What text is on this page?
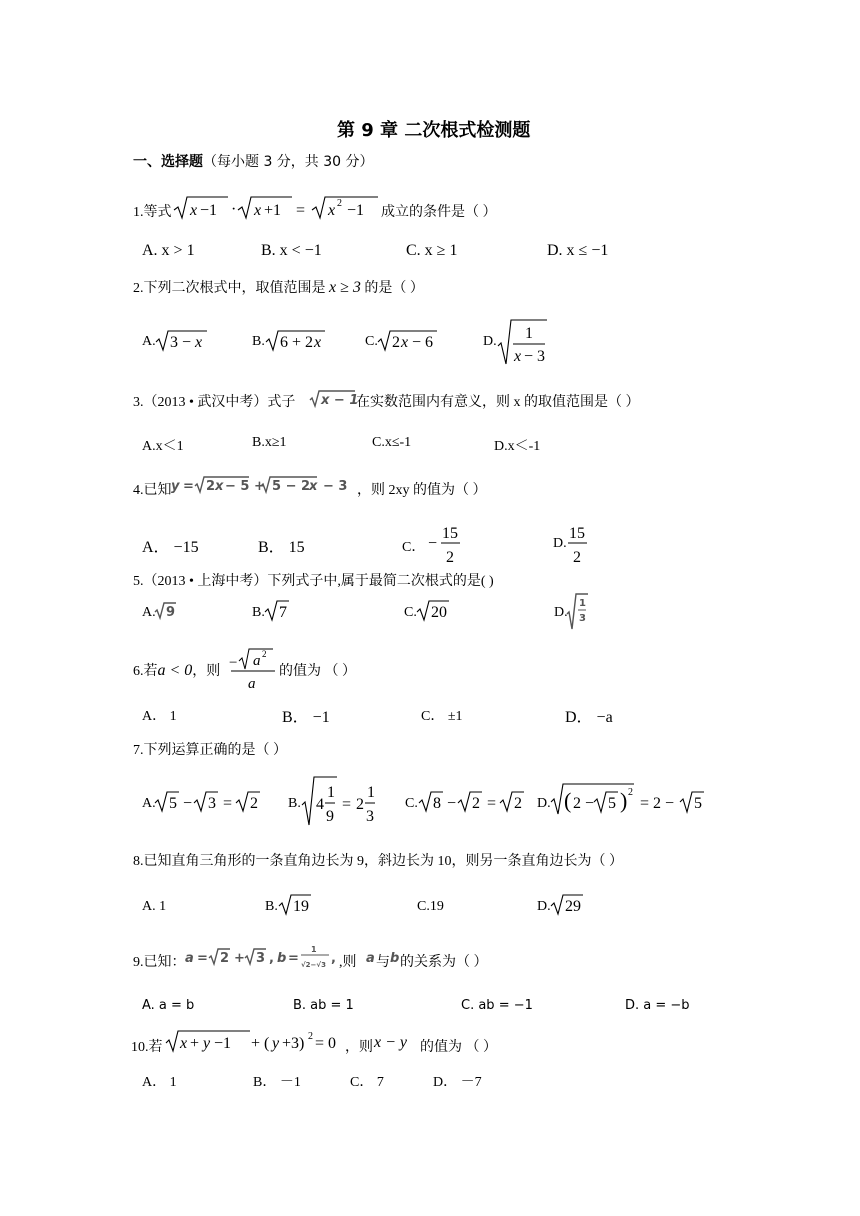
第 9 章 二次根式检测题
一、选择题（每小题 3 分，共 30 分）
1.等式 x −1 · x +1 = x 2 −1 成立的条件是（ ）
A. x > 1	B. x < −1	C. x ≥ 1	D. x ≤ −1
2.下列二次根式中，取值范围是 x ≥ 3 的是（ ）
A. 3 − x	B. 6 + 2 x	C. 2 x − 6	D. 1
x − 3
3.（2013 • 武汉中考）式子 x − 1
在实数范围内有意义，则 x 的取值范围是（ ）
A.x＜1	B.x≥1	C.x≤-1	D.x＜-1
4.已知 y = 2 x − 5 + 5 − 2
x − 3 ，则 2xy 的值为（ ）
A． −15	B． 15	C． −
15
2
D.
15
2
5.（2013 • 上海中考）下列式子中,属于最简二次根式的是( )
A. 9	B. 7	C. 20	D.
1
3
6.若a < 0，则
− a 2
a
的值为 （ ）
A． 1	B． −1	C． ±1	D． −a
7.下列运算正确的是（ ）
A. 5 − 3 = 2 B. 4
1
9
= 2
1
3
C. 8 − 2 = 2 D. ( 2 − 5 ) 2
= 2 − 5
8.已知直角三角形的一条直角边长为 9，斜边长为 10，则另一条直角边长为（ ）
A. 1	B. 19	C.19	D. 29
9.已知： a = 2 + 3 , b =
1
√2−√3 , ,则 a 与 b 的关系为（ ）
A. a = b	B. ab = 1	C. ab = −1	D. a = −b
10.若 x + y −1 + ( y +3) 2 = 0 ，则 x − y 的值为 （ ）
A． 1	B． －1	C． 7	D． －7
